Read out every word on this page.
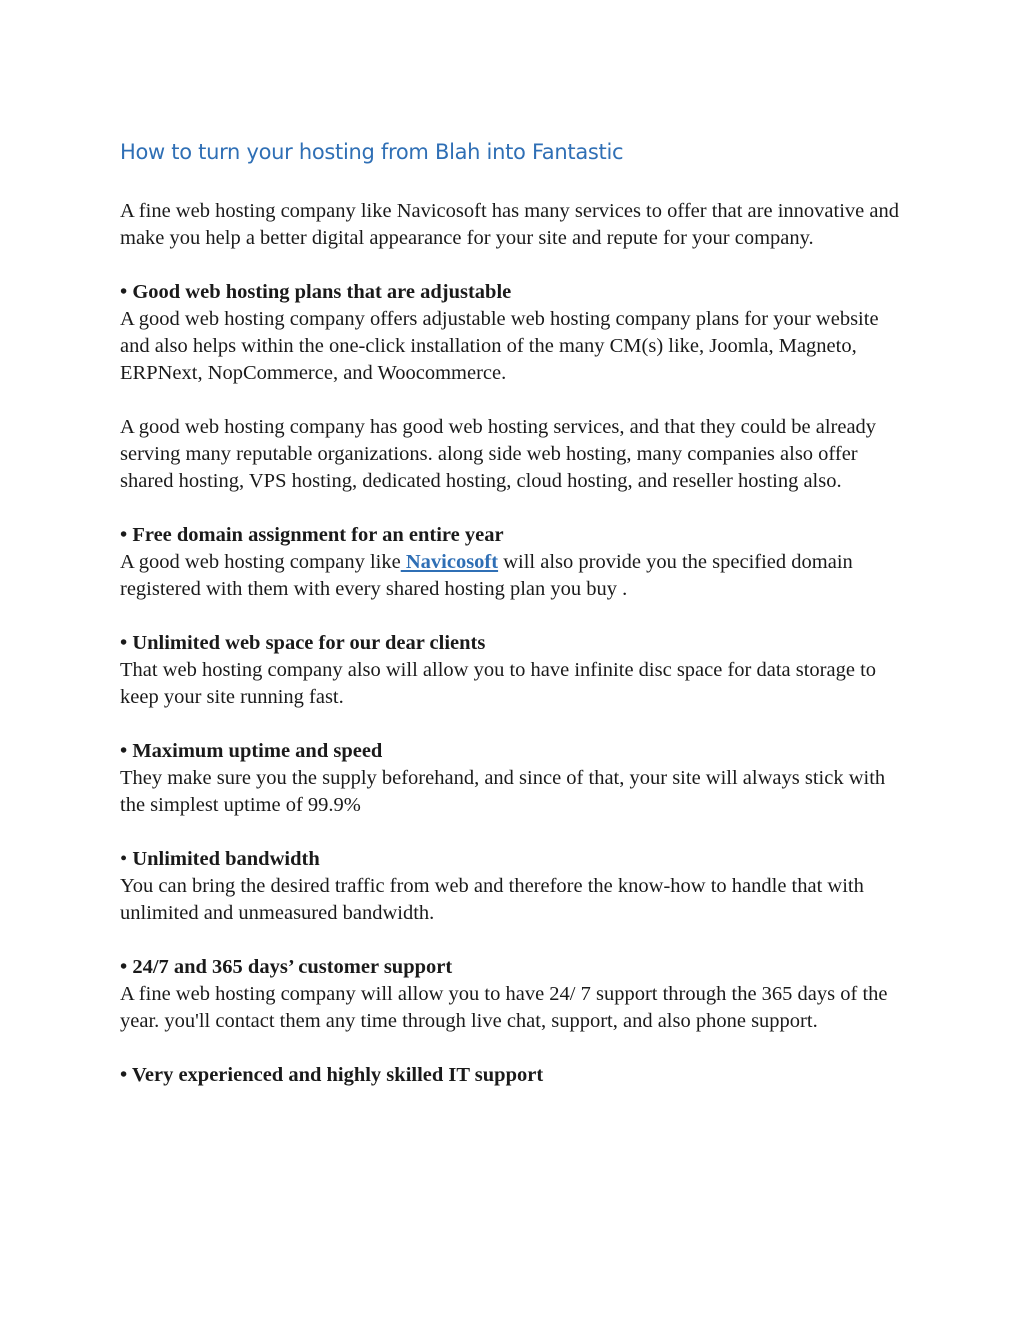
How to turn your hosting from Blah into Fantastic

A fine web hosting company like Navicosoft has many services to offer that are innovative and make you help a better digital appearance for your site and repute for your company.

• Good web hosting plans that are adjustable

A good web hosting company offers adjustable web hosting company plans for your website and also helps within the one-click installation of the many CM(s) like, Joomla, Magneto, ERPNext, NopCommerce, and Woocommerce.

A good web hosting company has good web hosting services, and that they could be already serving many reputable organizations. along side web hosting, many companies also offer shared hosting, VPS hosting, dedicated hosting, cloud hosting, and reseller hosting also.

• Free domain assignment for an entire year

A good web hosting company like Navicosoft will also provide you the specified domain registered with them with every shared hosting plan you buy .

• Unlimited web space for our dear clients

That web hosting company also will allow you to have infinite disc space for data storage to keep your site running fast.

• Maximum uptime and speed

They make sure you the supply beforehand, and since of that, your site will always stick with the simplest uptime of 99.9%

• Unlimited bandwidth

You can bring the desired traffic from web and therefore the know-how to handle that with unlimited and unmeasured bandwidth.

• 24/7 and 365 days’ customer support

A fine web hosting company will allow you to have 24/ 7 support through the 365 days of the year. you'll contact them any time through live chat, support, and also phone support.

• Very experienced and highly skilled IT support
